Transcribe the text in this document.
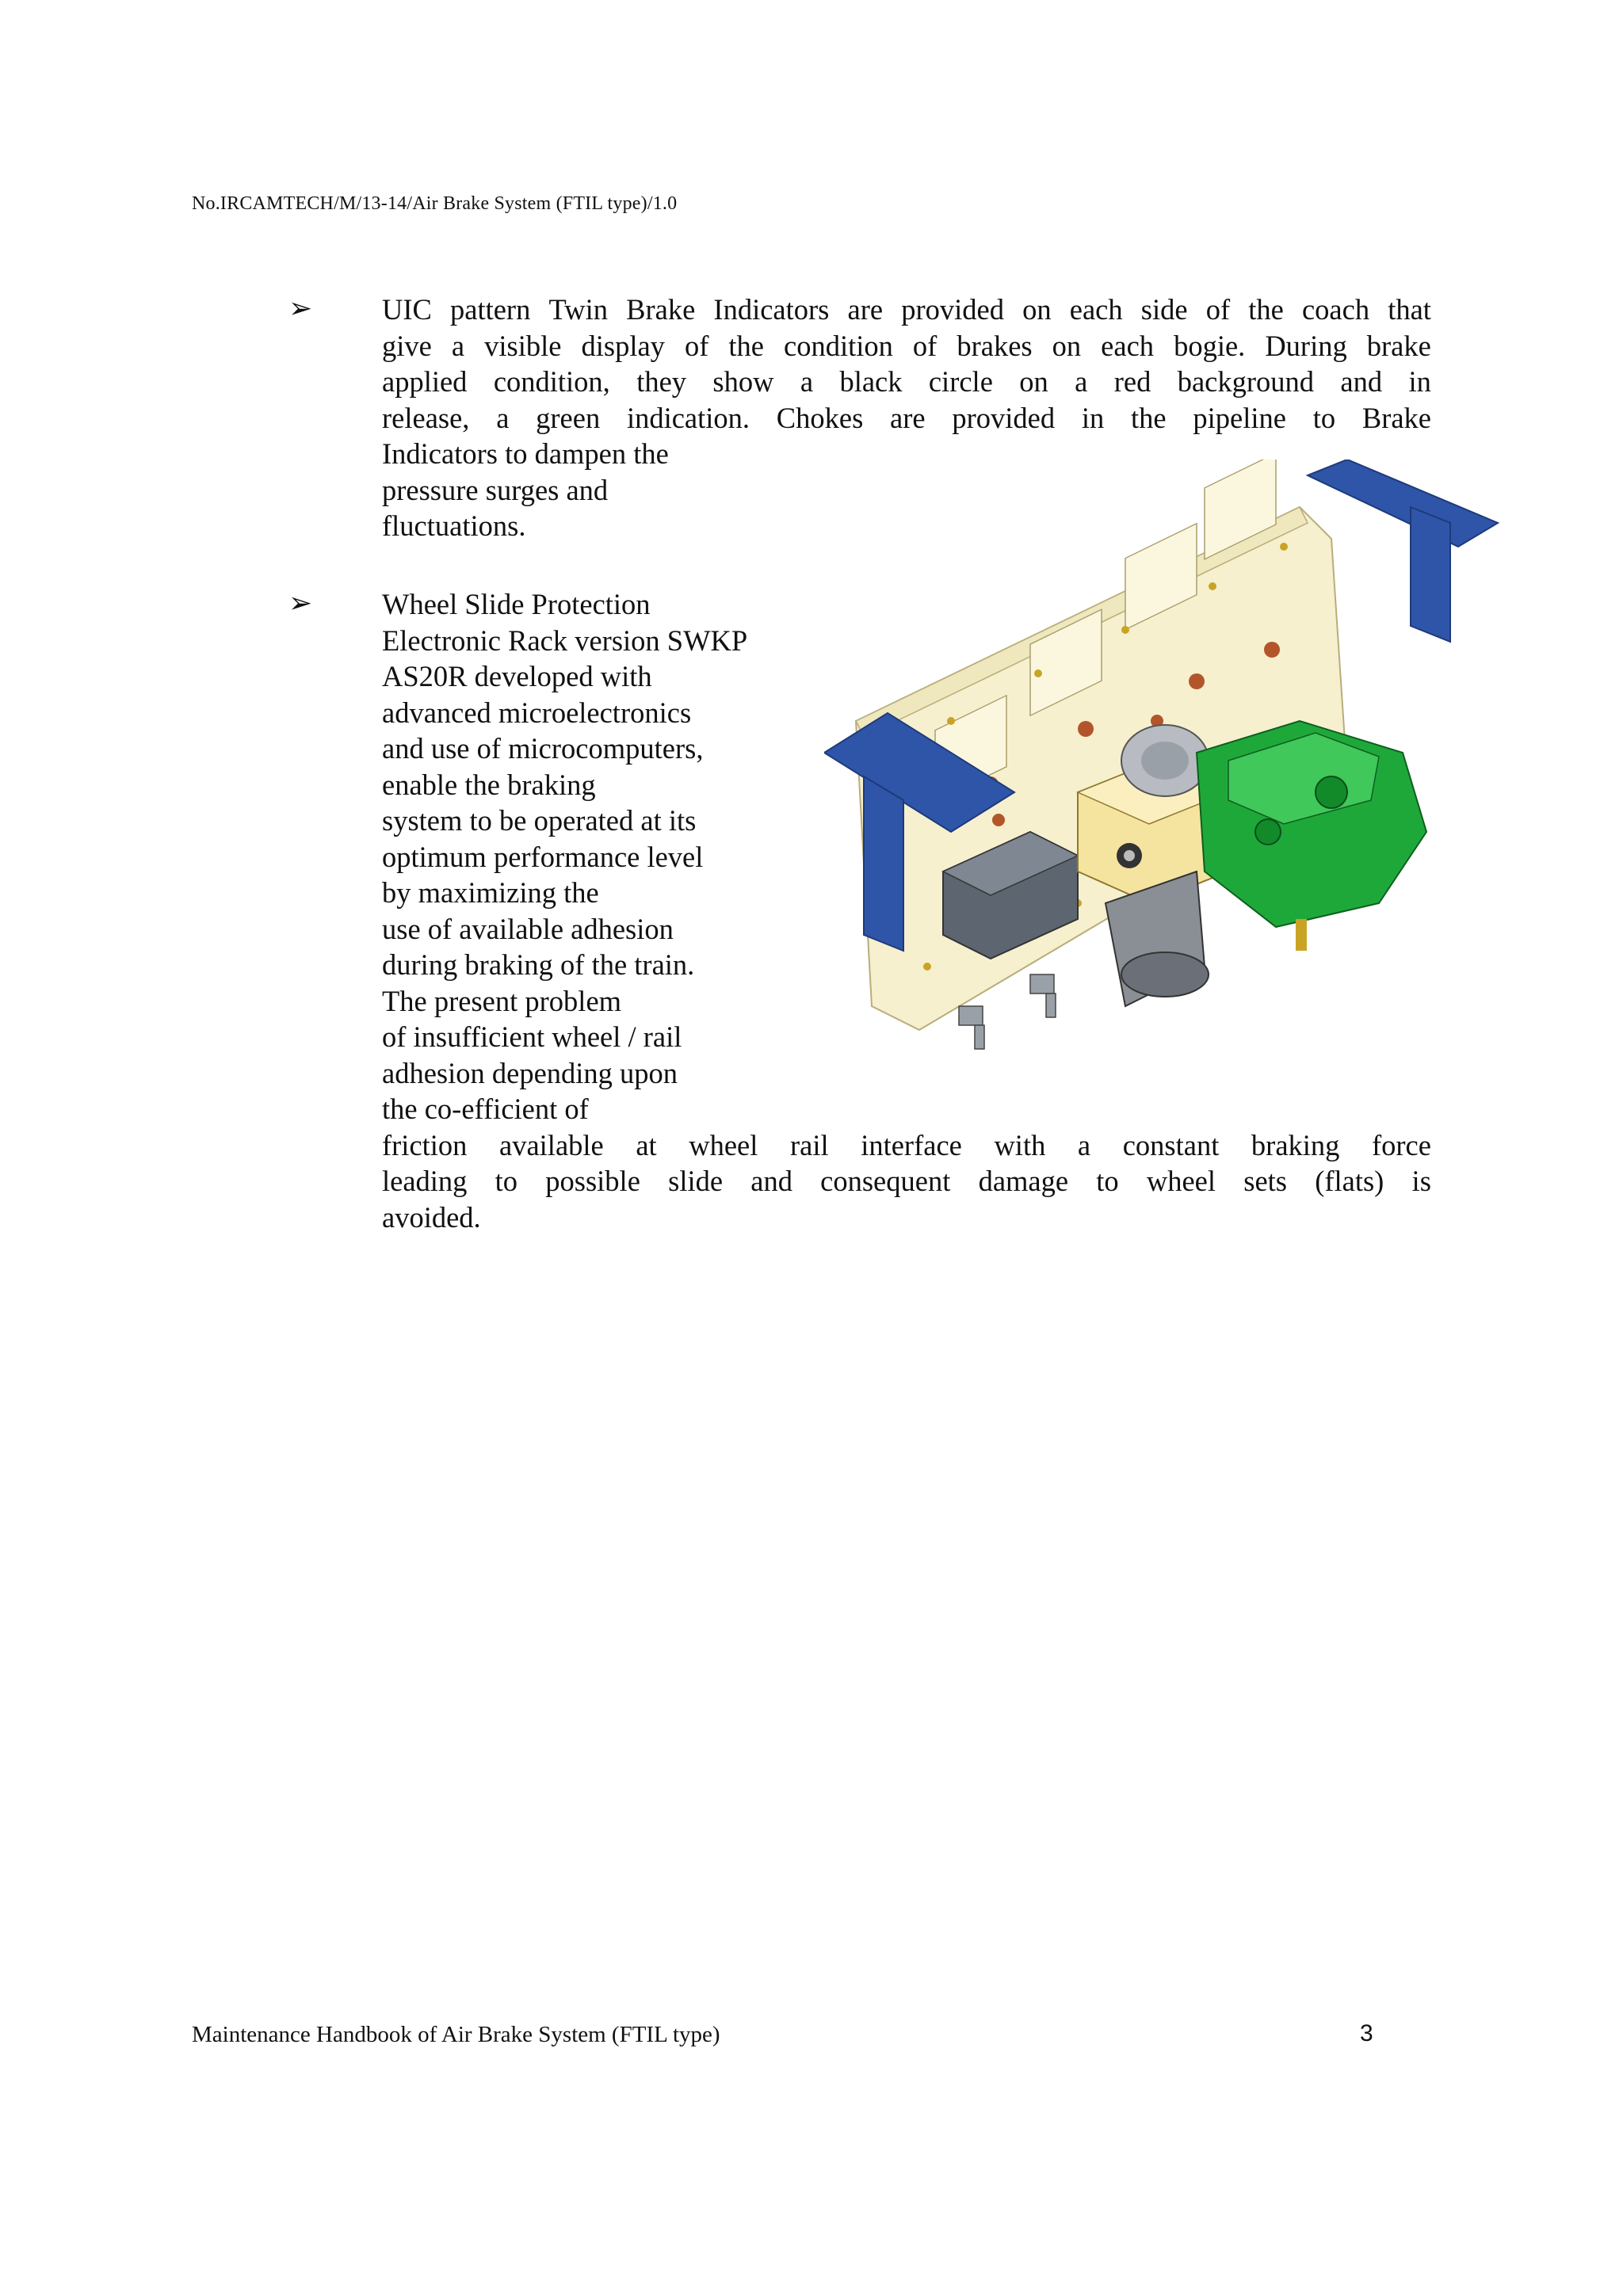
No.IRCAMTECH/M/13-14/Air Brake System (FTIL type)/1.0
➢ UIC pattern Twin Brake Indicators are provided on each side of the coach that
give a visible display of the condition of brakes on each bogie. During brake
applied condition, they show a black circle on a red background and in
release, a green indication. Chokes are provided in the pipeline to Brake
Indicators to dampen the
pressure surges and
fluctuations.
➢ Wheel Slide Protection
Electronic Rack version SWKP
AS20R developed with
advanced microelectronics
and use of microcomputers,
enable the braking
system to be operated at its
optimum performance level
by maximizing the
use of available adhesion
during braking of the train.
The present problem
of insufficient wheel / rail
adhesion depending upon
the co-efficient of
friction available at wheel rail interface with a constant braking force
leading to possible slide and consequent damage to wheel sets (flats) is
avoided.
Maintenance Handbook of Air Brake System (FTIL type)	3
